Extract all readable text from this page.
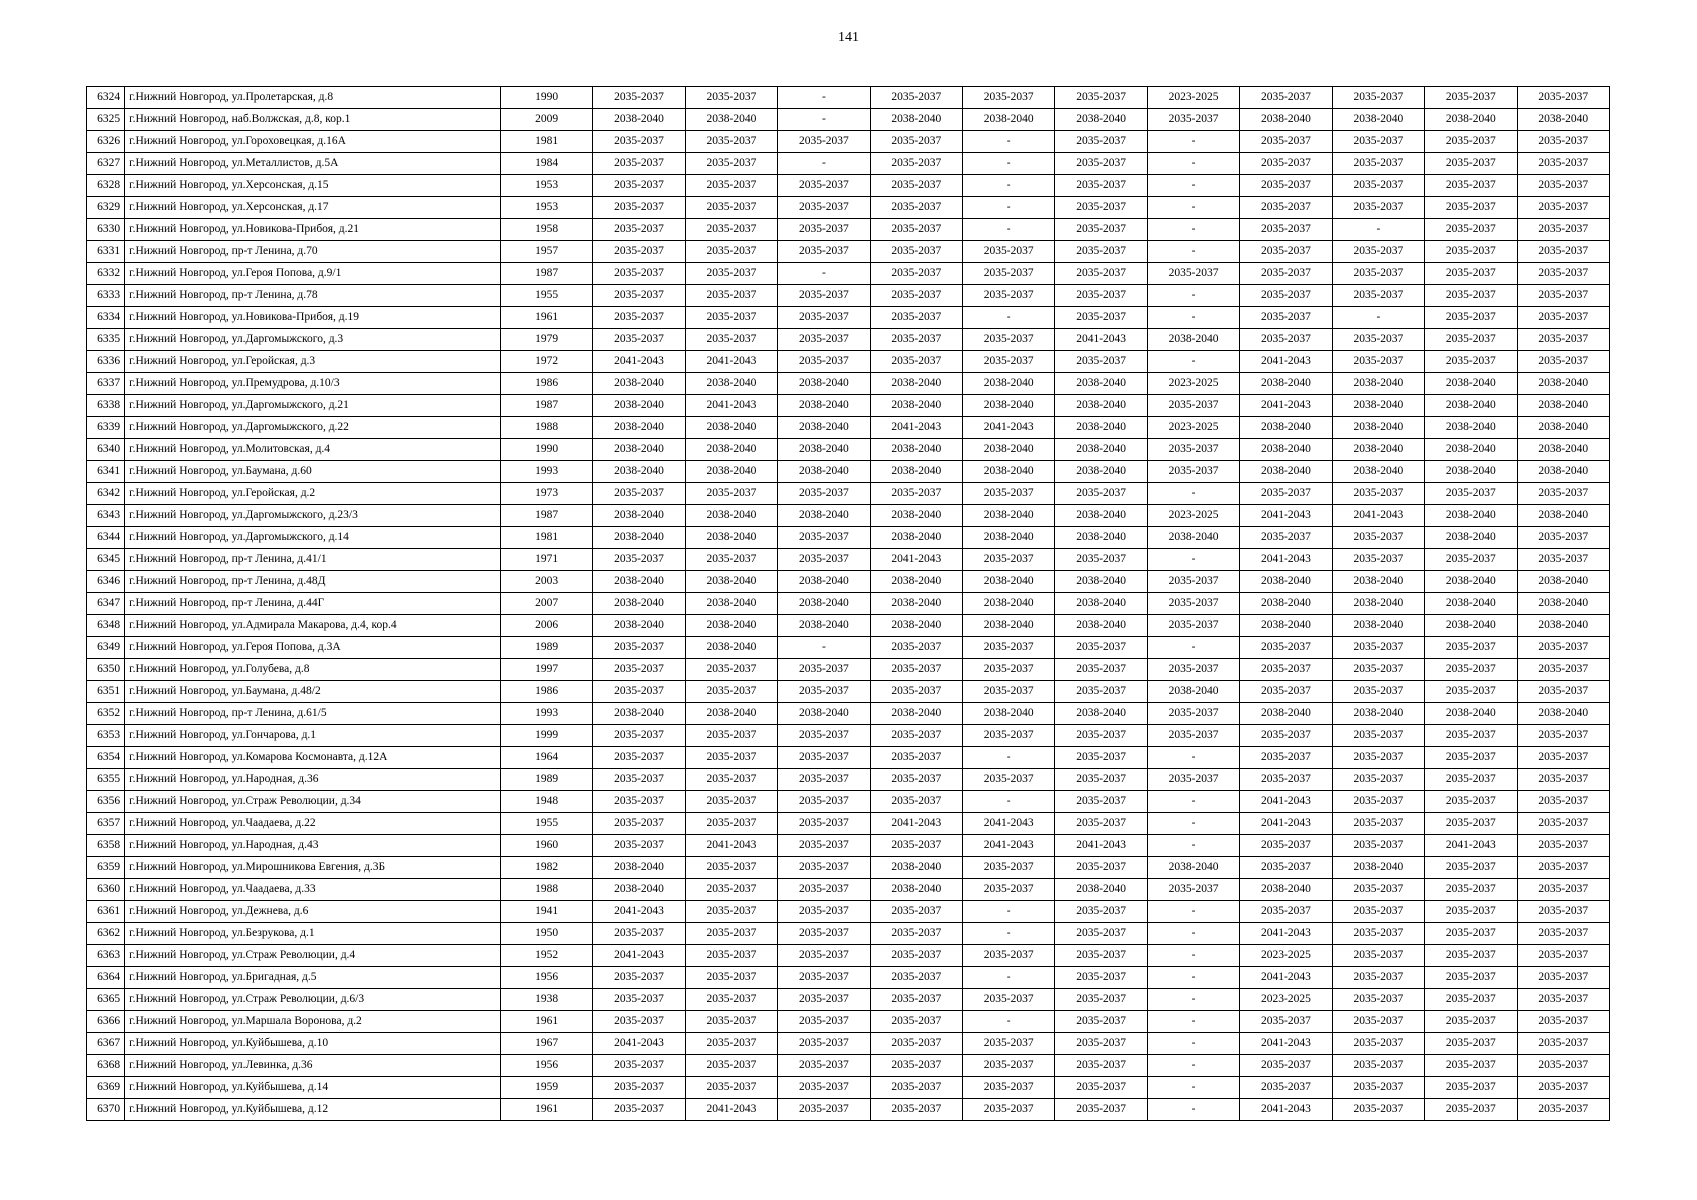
141
6324	г.Нижний Новгород, ул.Пролетарская, д.8	1990	2035-2037	2035-2037	-	2035-2037	2035-2037	2035-2037	2023-2025	2035-2037	2035-2037	2035-2037	2035-2037
6325	г.Нижний Новгород, наб.Волжская, д.8, кор.1	2009	2038-2040	2038-2040	-	2038-2040	2038-2040	2038-2040	2035-2037	2038-2040	2038-2040	2038-2040	2038-2040
6326	г.Нижний Новгород, ул.Гороховецкая, д.16А	1981	2035-2037	2035-2037	2035-2037	2035-2037	-	2035-2037	-	2035-2037	2035-2037	2035-2037	2035-2037
6327	г.Нижний Новгород, ул.Металлистов, д.5А	1984	2035-2037	2035-2037	-	2035-2037	-	2035-2037	-	2035-2037	2035-2037	2035-2037	2035-2037
6328	г.Нижний Новгород, ул.Херсонская, д.15	1953	2035-2037	2035-2037	2035-2037	2035-2037	-	2035-2037	-	2035-2037	2035-2037	2035-2037	2035-2037
6329	г.Нижний Новгород, ул.Херсонская, д.17	1953	2035-2037	2035-2037	2035-2037	2035-2037	-	2035-2037	-	2035-2037	2035-2037	2035-2037	2035-2037
6330	г.Нижний Новгород, ул.Новикова-Прибоя, д.21	1958	2035-2037	2035-2037	2035-2037	2035-2037	-	2035-2037	-	2035-2037	-	2035-2037	2035-2037
6331	г.Нижний Новгород, пр-т Ленина, д.70	1957	2035-2037	2035-2037	2035-2037	2035-2037	2035-2037	2035-2037	-	2035-2037	2035-2037	2035-2037	2035-2037
6332	г.Нижний Новгород, ул.Героя Попова, д.9/1	1987	2035-2037	2035-2037	-	2035-2037	2035-2037	2035-2037	2035-2037	2035-2037	2035-2037	2035-2037	2035-2037
6333	г.Нижний Новгород, пр-т Ленина, д.78	1955	2035-2037	2035-2037	2035-2037	2035-2037	2035-2037	2035-2037	-	2035-2037	2035-2037	2035-2037	2035-2037
6334	г.Нижний Новгород, ул.Новикова-Прибоя, д.19	1961	2035-2037	2035-2037	2035-2037	2035-2037	-	2035-2037	-	2035-2037	-	2035-2037	2035-2037
6335	г.Нижний Новгород, ул.Даргомыжского, д.3	1979	2035-2037	2035-2037	2035-2037	2035-2037	2035-2037	2041-2043	2038-2040	2035-2037	2035-2037	2035-2037	2035-2037
6336	г.Нижний Новгород, ул.Геройская, д.3	1972	2041-2043	2041-2043	2035-2037	2035-2037	2035-2037	2035-2037	-	2041-2043	2035-2037	2035-2037	2035-2037
6337	г.Нижний Новгород, ул.Премудрова, д.10/3	1986	2038-2040	2038-2040	2038-2040	2038-2040	2038-2040	2038-2040	2023-2025	2038-2040	2038-2040	2038-2040	2038-2040
6338	г.Нижний Новгород, ул.Даргомыжского, д.21	1987	2038-2040	2041-2043	2038-2040	2038-2040	2038-2040	2038-2040	2035-2037	2041-2043	2038-2040	2038-2040	2038-2040
6339	г.Нижний Новгород, ул.Даргомыжского, д.22	1988	2038-2040	2038-2040	2038-2040	2041-2043	2041-2043	2038-2040	2023-2025	2038-2040	2038-2040	2038-2040	2038-2040
6340	г.Нижний Новгород, ул.Молитовская, д.4	1990	2038-2040	2038-2040	2038-2040	2038-2040	2038-2040	2038-2040	2035-2037	2038-2040	2038-2040	2038-2040	2038-2040
6341	г.Нижний Новгород, ул.Баумана, д.60	1993	2038-2040	2038-2040	2038-2040	2038-2040	2038-2040	2038-2040	2035-2037	2038-2040	2038-2040	2038-2040	2038-2040
6342	г.Нижний Новгород, ул.Геройская, д.2	1973	2035-2037	2035-2037	2035-2037	2035-2037	2035-2037	2035-2037	-	2035-2037	2035-2037	2035-2037	2035-2037
6343	г.Нижний Новгород, ул.Даргомыжского, д.23/3	1987	2038-2040	2038-2040	2038-2040	2038-2040	2038-2040	2038-2040	2023-2025	2041-2043	2041-2043	2038-2040	2038-2040
6344	г.Нижний Новгород, ул.Даргомыжского, д.14	1981	2038-2040	2038-2040	2035-2037	2038-2040	2038-2040	2038-2040	2038-2040	2035-2037	2035-2037	2038-2040	2035-2037
6345	г.Нижний Новгород, пр-т Ленина, д.41/1	1971	2035-2037	2035-2037	2035-2037	2041-2043	2035-2037	2035-2037	-	2041-2043	2035-2037	2035-2037	2035-2037
6346	г.Нижний Новгород, пр-т Ленина, д.48Д	2003	2038-2040	2038-2040	2038-2040	2038-2040	2038-2040	2038-2040	2035-2037	2038-2040	2038-2040	2038-2040	2038-2040
6347	г.Нижний Новгород, пр-т Ленина, д.44Г	2007	2038-2040	2038-2040	2038-2040	2038-2040	2038-2040	2038-2040	2035-2037	2038-2040	2038-2040	2038-2040	2038-2040
6348	г.Нижний Новгород, ул.Адмирала Макарова, д.4, кор.4	2006	2038-2040	2038-2040	2038-2040	2038-2040	2038-2040	2038-2040	2035-2037	2038-2040	2038-2040	2038-2040	2038-2040
6349	г.Нижний Новгород, ул.Героя Попова, д.3А	1989	2035-2037	2038-2040	-	2035-2037	2035-2037	2035-2037	-	2035-2037	2035-2037	2035-2037	2035-2037
6350	г.Нижний Новгород, ул.Голубева, д.8	1997	2035-2037	2035-2037	2035-2037	2035-2037	2035-2037	2035-2037	2035-2037	2035-2037	2035-2037	2035-2037	2035-2037
6351	г.Нижний Новгород, ул.Баумана, д.48/2	1986	2035-2037	2035-2037	2035-2037	2035-2037	2035-2037	2035-2037	2038-2040	2035-2037	2035-2037	2035-2037	2035-2037
6352	г.Нижний Новгород, пр-т Ленина, д.61/5	1993	2038-2040	2038-2040	2038-2040	2038-2040	2038-2040	2038-2040	2035-2037	2038-2040	2038-2040	2038-2040	2038-2040
6353	г.Нижний Новгород, ул.Гончарова, д.1	1999	2035-2037	2035-2037	2035-2037	2035-2037	2035-2037	2035-2037	2035-2037	2035-2037	2035-2037	2035-2037	2035-2037
6354	г.Нижний Новгород, ул.Комарова Космонавта, д.12А	1964	2035-2037	2035-2037	2035-2037	2035-2037	-	2035-2037	-	2035-2037	2035-2037	2035-2037	2035-2037
6355	г.Нижний Новгород, ул.Народная, д.36	1989	2035-2037	2035-2037	2035-2037	2035-2037	2035-2037	2035-2037	2035-2037	2035-2037	2035-2037	2035-2037	2035-2037
6356	г.Нижний Новгород, ул.Страж Революции, д.34	1948	2035-2037	2035-2037	2035-2037	2035-2037	-	2035-2037	-	2041-2043	2035-2037	2035-2037	2035-2037
6357	г.Нижний Новгород, ул.Чаадаева, д.22	1955	2035-2037	2035-2037	2035-2037	2041-2043	2041-2043	2035-2037	-	2041-2043	2035-2037	2035-2037	2035-2037
6358	г.Нижний Новгород, ул.Народная, д.43	1960	2035-2037	2041-2043	2035-2037	2035-2037	2041-2043	2041-2043	-	2035-2037	2035-2037	2041-2043	2035-2037
6359	г.Нижний Новгород, ул.Мирошникова Евгения, д.3Б	1982	2038-2040	2035-2037	2035-2037	2038-2040	2035-2037	2035-2037	2038-2040	2035-2037	2038-2040	2035-2037	2035-2037
6360	г.Нижний Новгород, ул.Чаадаева, д.33	1988	2038-2040	2035-2037	2035-2037	2038-2040	2035-2037	2038-2040	2035-2037	2038-2040	2035-2037	2035-2037	2035-2037
6361	г.Нижний Новгород, ул.Дежнева, д.6	1941	2041-2043	2035-2037	2035-2037	2035-2037	-	2035-2037	-	2035-2037	2035-2037	2035-2037	2035-2037
6362	г.Нижний Новгород, ул.Безрукова, д.1	1950	2035-2037	2035-2037	2035-2037	2035-2037	-	2035-2037	-	2041-2043	2035-2037	2035-2037	2035-2037
6363	г.Нижний Новгород, ул.Страж Революции, д.4	1952	2041-2043	2035-2037	2035-2037	2035-2037	2035-2037	2035-2037	-	2023-2025	2035-2037	2035-2037	2035-2037
6364	г.Нижний Новгород, ул.Бригадная, д.5	1956	2035-2037	2035-2037	2035-2037	2035-2037	-	2035-2037	-	2041-2043	2035-2037	2035-2037	2035-2037
6365	г.Нижний Новгород, ул.Страж Революции, д.6/3	1938	2035-2037	2035-2037	2035-2037	2035-2037	2035-2037	2035-2037	-	2023-2025	2035-2037	2035-2037	2035-2037
6366	г.Нижний Новгород, ул.Маршала Воронова, д.2	1961	2035-2037	2035-2037	2035-2037	2035-2037	-	2035-2037	-	2035-2037	2035-2037	2035-2037	2035-2037
6367	г.Нижний Новгород, ул.Куйбышева, д.10	1967	2041-2043	2035-2037	2035-2037	2035-2037	2035-2037	2035-2037	-	2041-2043	2035-2037	2035-2037	2035-2037
6368	г.Нижний Новгород, ул.Левинка, д.36	1956	2035-2037	2035-2037	2035-2037	2035-2037	2035-2037	2035-2037	-	2035-2037	2035-2037	2035-2037	2035-2037
6369	г.Нижний Новгород, ул.Куйбышева, д.14	1959	2035-2037	2035-2037	2035-2037	2035-2037	2035-2037	2035-2037	-	2035-2037	2035-2037	2035-2037	2035-2037
6370	г.Нижний Новгород, ул.Куйбышева, д.12	1961	2035-2037	2041-2043	2035-2037	2035-2037	2035-2037	2035-2037	-	2041-2043	2035-2037	2035-2037	2035-2037
